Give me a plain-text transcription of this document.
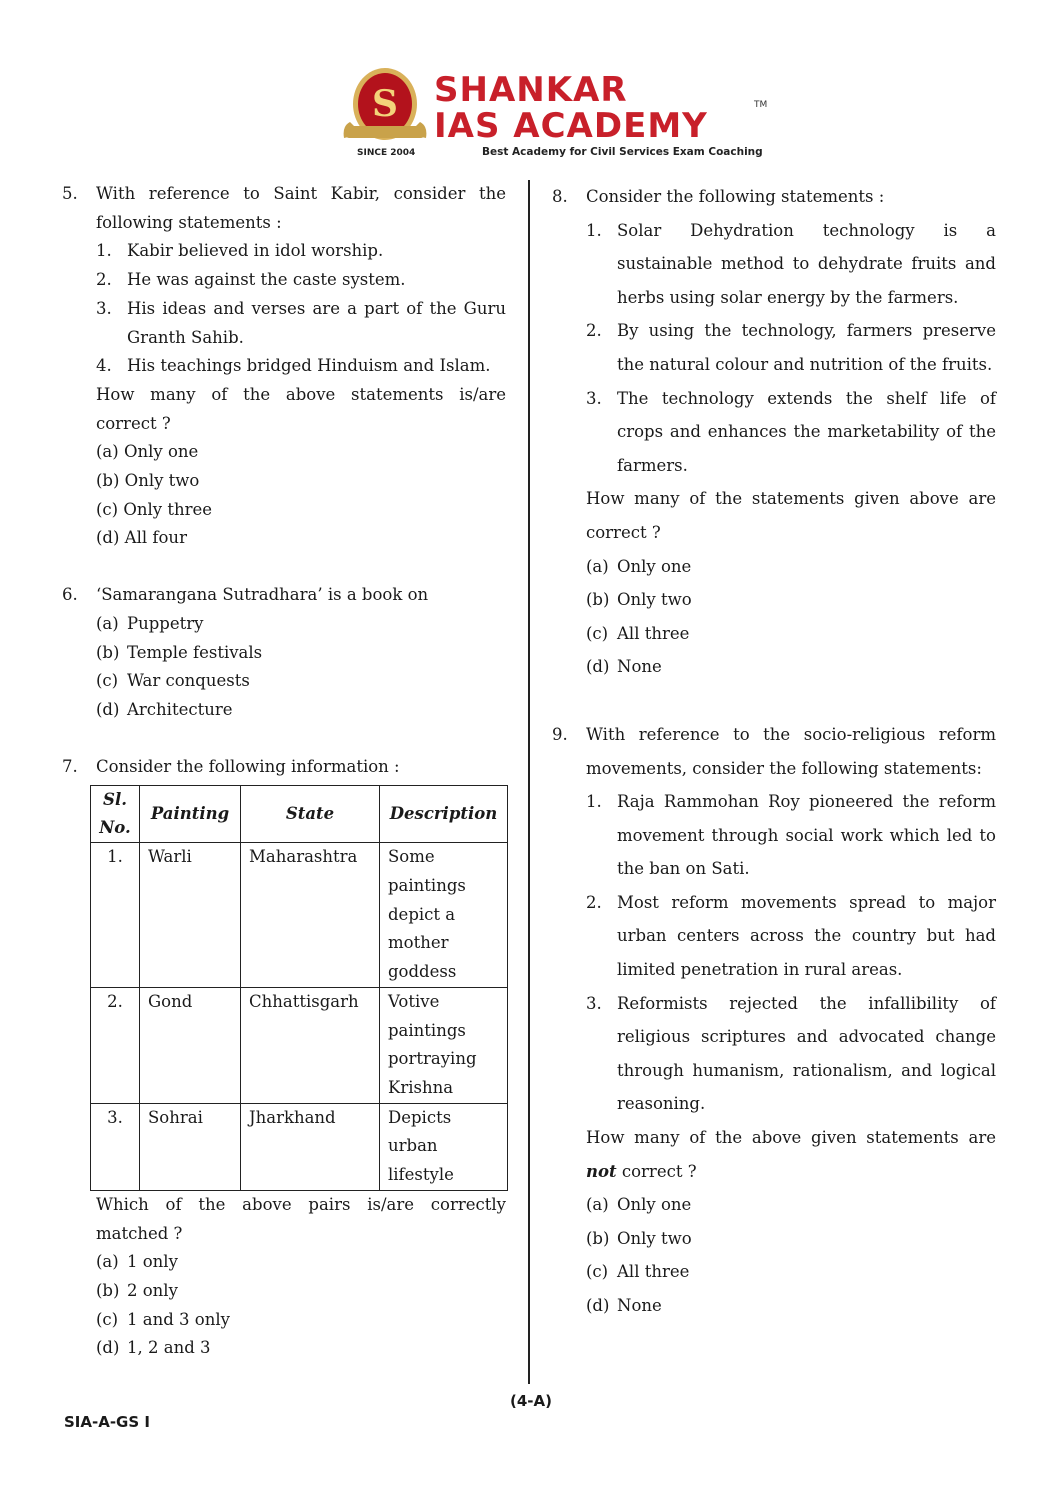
S SHANKAR
IAS ACADEMY
TM
SINCE 2004	Best Academy for Civil Services Exam Coaching
5.	With reference to Saint Kabir, consider the following statements :
1. Kabir believed in idol worship.
2. He was against the caste system.
3. His ideas and verses are a part of the Guru Granth Sahib.
4. His teachings bridged Hinduism and Islam.
How many of the above statements is/are correct ?
(a) Only one
(b) Only two
(c) Only three
(d) All four
6.	‘Samarangana Sutradhara’ is a book on
(a) Puppetry
(b) Temple festivals
(c) War conquests
(d) Architecture
7.	Consider the following information :
Sl. No.	Painting	State	Description
1.	Warli	Maharashtra	Some paintings depict a mother goddess
2.	Gond	Chhattisgarh	Votive paintings portraying Krishna
3.	Sohrai	Jharkhand	Depicts urban lifestyle
Which of the above pairs is/are correctly matched ?
(a) 1 only
(b) 2 only
(c) 1 and 3 only
(d) 1, 2 and 3
8.	Consider the following statements :
1. Solar Dehydration technology is a sustainable method to dehydrate fruits and herbs using solar energy by the farmers.
2. By using the technology, farmers preserve the natural colour and nutrition of the fruits.
3. The technology extends the shelf life of crops and enhances the marketability of the farmers.
How many of the statements given above are correct ?
(a) Only one
(b) Only two
(c) All three
(d) None
9.	With reference to the socio-religious reform movements, consider the following statements:
1. Raja Rammohan Roy pioneered the reform movement through social work which led to the ban on Sati.
2. Most reform movements spread to major urban centers across the country but had limited penetration in rural areas.
3. Reformists rejected the infallibility of religious scriptures and advocated change through humanism, rationalism, and logical reasoning.
How many of the above given statements are not correct ?
(a) Only one
(b) Only two
(c) All three
(d) None
(4-A)
SIA-A-GS I
